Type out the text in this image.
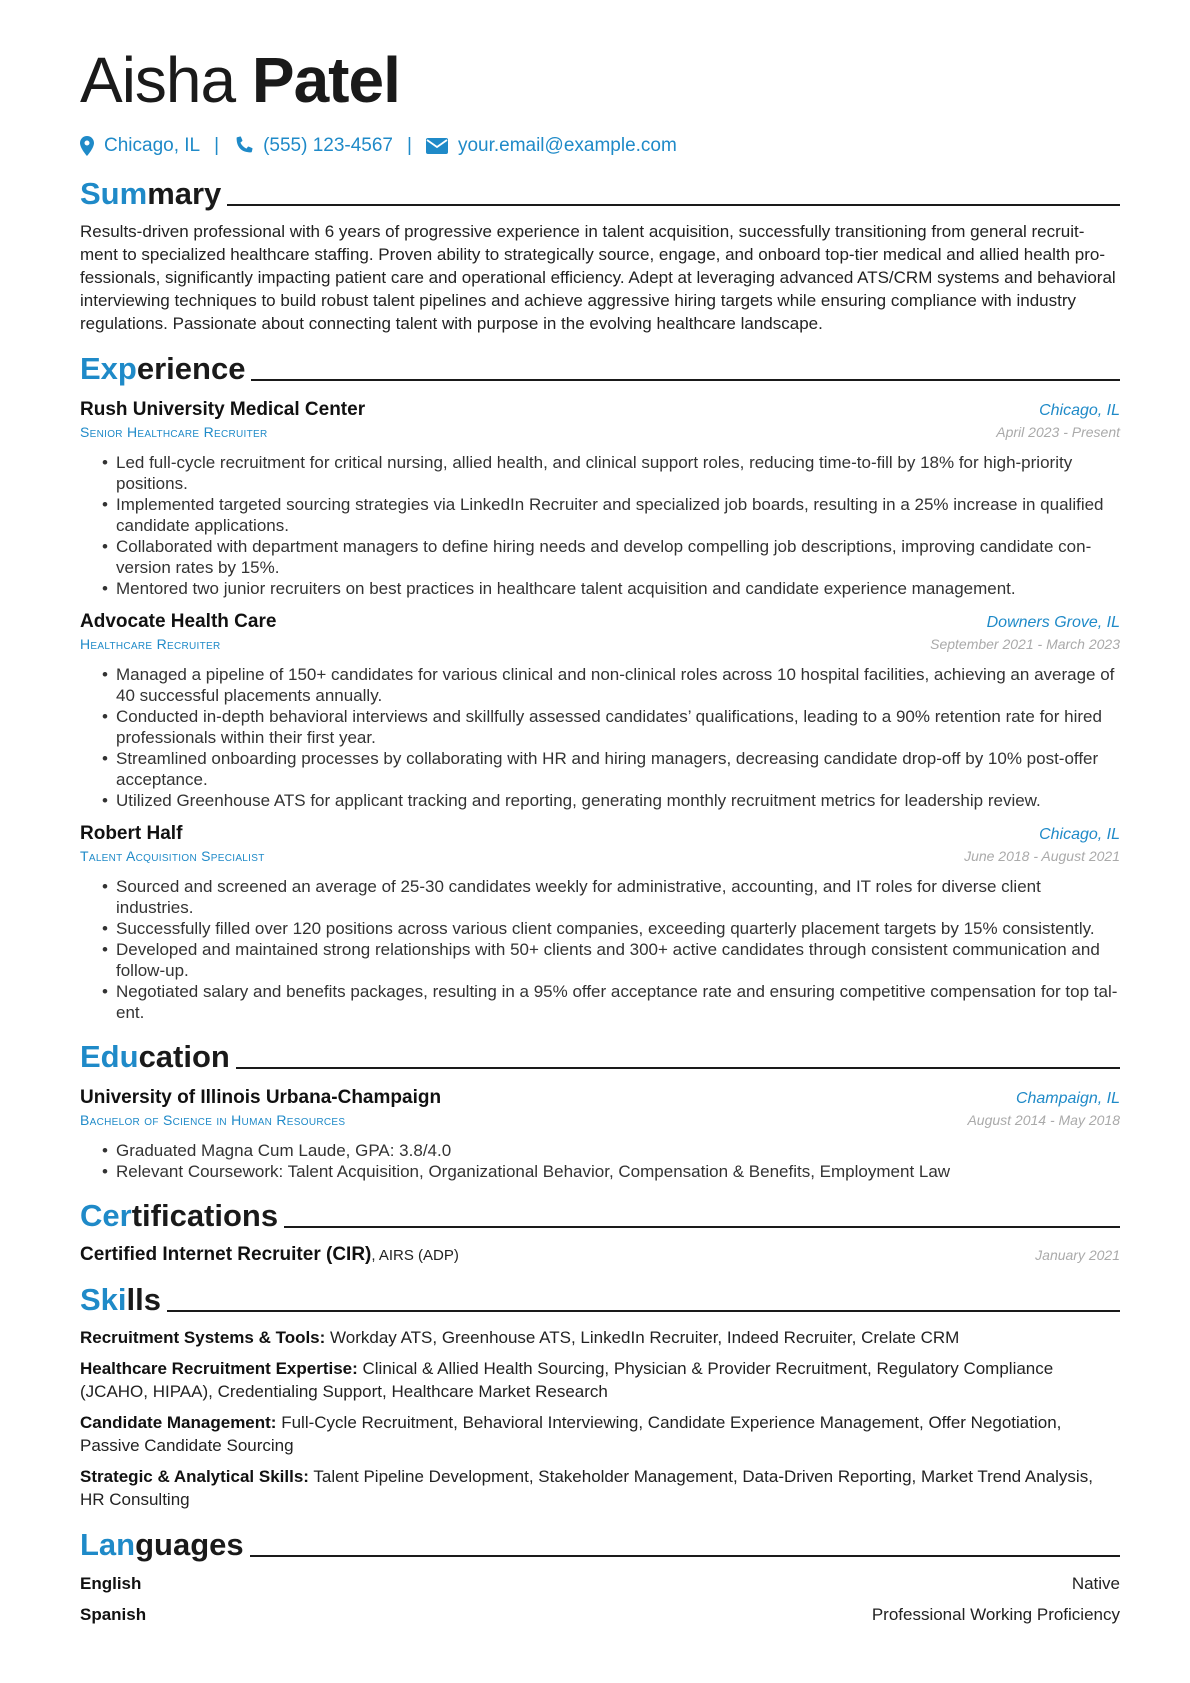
Aisha Patel
Chicago, IL | (555) 123-4567 | your.email@example.com
Summary

Results-driven professional with 6 years of progressive experience in talent acquisition, successfully transitioning from general recruit- ment to specialized healthcare staffing. Proven ability to strategically source, engage, and onboard top-tier medical and allied health pro- fessionals, significantly impacting patient care and operational efficiency. Adept at leveraging advanced ATS/CRM systems and behavioral interviewing techniques to build robust talent pipelines and achieve aggressive hiring targets while ensuring compliance with industry regulations. Passionate about connecting talent with purpose in the evolving healthcare landscape.

Experience
Rush University Medical Center	Chicago, IL
Senior Healthcare Recruiter	April 2023 - Present
• Led full-cycle recruitment for critical nursing, allied health, and clinical support roles, reducing time-to-fill by 18% for high-priority positions.
• Implemented targeted sourcing strategies via LinkedIn Recruiter and specialized job boards, resulting in a 25% increase in qualified candidate applications.
• Collaborated with department managers to define hiring needs and develop compelling job descriptions, improving candidate con- version rates by 15%.
• Mentored two junior recruiters on best practices in healthcare talent acquisition and candidate experience management.
Advocate Health Care	Downers Grove, IL
Healthcare Recruiter	September 2021 - March 2023
• Managed a pipeline of 150+ candidates for various clinical and non-clinical roles across 10 hospital facilities, achieving an average of 40 successful placements annually.
• Conducted in-depth behavioral interviews and skillfully assessed candidates’ qualifications, leading to a 90% retention rate for hired professionals within their first year.
• Streamlined onboarding processes by collaborating with HR and hiring managers, decreasing candidate drop-off by 10% post-offer acceptance.
• Utilized Greenhouse ATS for applicant tracking and reporting, generating monthly recruitment metrics for leadership review.
Robert Half	Chicago, IL
Talent Acquisition Specialist	June 2018 - August 2021
• Sourced and screened an average of 25-30 candidates weekly for administrative, accounting, and IT roles for diverse client industries.
• Successfully filled over 120 positions across various client companies, exceeding quarterly placement targets by 15% consistently.
• Developed and maintained strong relationships with 50+ clients and 300+ active candidates through consistent communication and follow-up.
• Negotiated salary and benefits packages, resulting in a 95% offer acceptance rate and ensuring competitive compensation for top tal- ent.
Education
University of Illinois Urbana-Champaign	Champaign, IL
Bachelor of Science in Human Resources	August 2014 - May 2018
• Graduated Magna Cum Laude, GPA: 3.8/4.0
• Relevant Coursework: Talent Acquisition, Organizational Behavior, Compensation & Benefits, Employment Law
Certifications
Certified Internet Recruiter (CIR), AIRS (ADP)	January 2021
Skills

Recruitment Systems & Tools: Workday ATS, Greenhouse ATS, LinkedIn Recruiter, Indeed Recruiter, Crelate CRM

Healthcare Recruitment Expertise: Clinical & Allied Health Sourcing, Physician & Provider Recruitment, Regulatory Compliance (JCAHO, HIPAA), Credentialing Support, Healthcare Market Research

Candidate Management: Full-Cycle Recruitment, Behavioral Interviewing, Candidate Experience Management, Offer Negotiation, Passive Candidate Sourcing

Strategic & Analytical Skills: Talent Pipeline Development, Stakeholder Management, Data-Driven Reporting, Market Trend Analysis, HR Consulting

Languages
English	Native
Spanish	Professional Working Proficiency
